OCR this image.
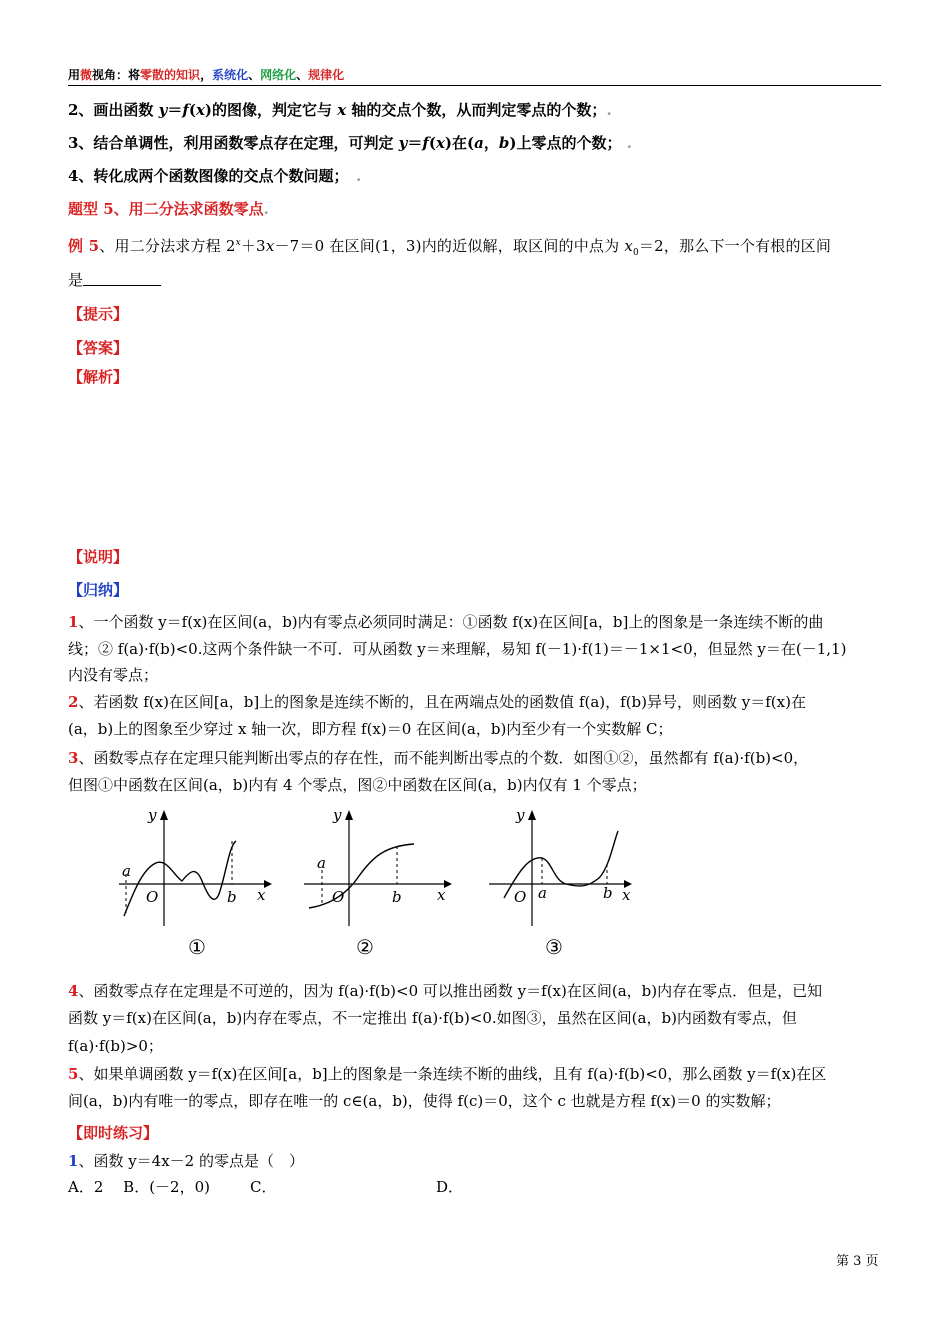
用微视角：将零散的知识，系统化、网络化、规律化
2、画出函数 y＝f(x)的图像，判定它与 x 轴的交点个数，从而判定零点的个数；.
3、结合单调性，利用函数零点存在定理，可判定 y＝f(x)在(a，b)上零点的个数； .
4、转化成两个函数图像的交点个数问题；　 .
题型 5、用二分法求函数零点.
例 5、用二分法求方程 $2^x+3x-7=0$ 在区间(1，3)内的近似解，取区间的中点为 $x_0=2$，那么下一个有根的区间
是
【提示】
【答案】
【解析】
【说明】
【归纳】
1、一个函数 y＝f(x)在区间(a，b)内有零点必须同时满足：①函数 f(x)在区间[a，b]上的图象是一条连续不断的曲
线；② f(a)·f(b)<0.这两个条件缺一不可．可从函数 y＝来理解，易知 f(－1)·f(1)＝－1×1<0，但显然 y＝在(－1,1)
内没有零点；
2、若函数 f(x)在区间[a，b]上的图象是连续不断的，且在两端点处的函数值 f(a)，f(b)异号，则函数 y＝f(x)在
(a，b)上的图象至少穿过 x 轴一次，即方程 f(x)＝0 在区间(a，b)内至少有一个实数解 C；
3、函数零点存在定理只能判断出零点的存在性，而不能判断出零点的个数．如图①②，虽然都有 f(a)·f(b)<0，
但图①中函数在区间(a，b)内有 4 个零点，图②中函数在区间(a，b)内仅有 1 个零点；
y
a
O	b x
①
y
a
O	b x
②
y
a
O	b x
③
4、函数零点存在定理是不可逆的，因为 f(a)·f(b)<0 可以推出函数 y＝f(x)在区间(a，b)内存在零点．但是，已知
函数 y＝f(x)在区间(a，b)内存在零点，不一定推出 f(a)·f(b)<0.如图③，虽然在区间(a，b)内函数有零点，但
f(a)·f(b)>0；
5、如果单调函数 y＝f(x)在区间[a，b]上的图象是一条连续不断的曲线，且有 f(a)·f(b)<0，那么函数 y＝f(x)在区
间(a，b)内有唯一的零点，即存在唯一的 c∈(a，b)，使得 f(c)＝0，这个 c 也就是方程 f(x)＝0 的实数解；
【即时练习】
1、函数 y＝4x－2 的零点是（　）
A．2　 B．(－2，0)	C．	D．
第 3 页
